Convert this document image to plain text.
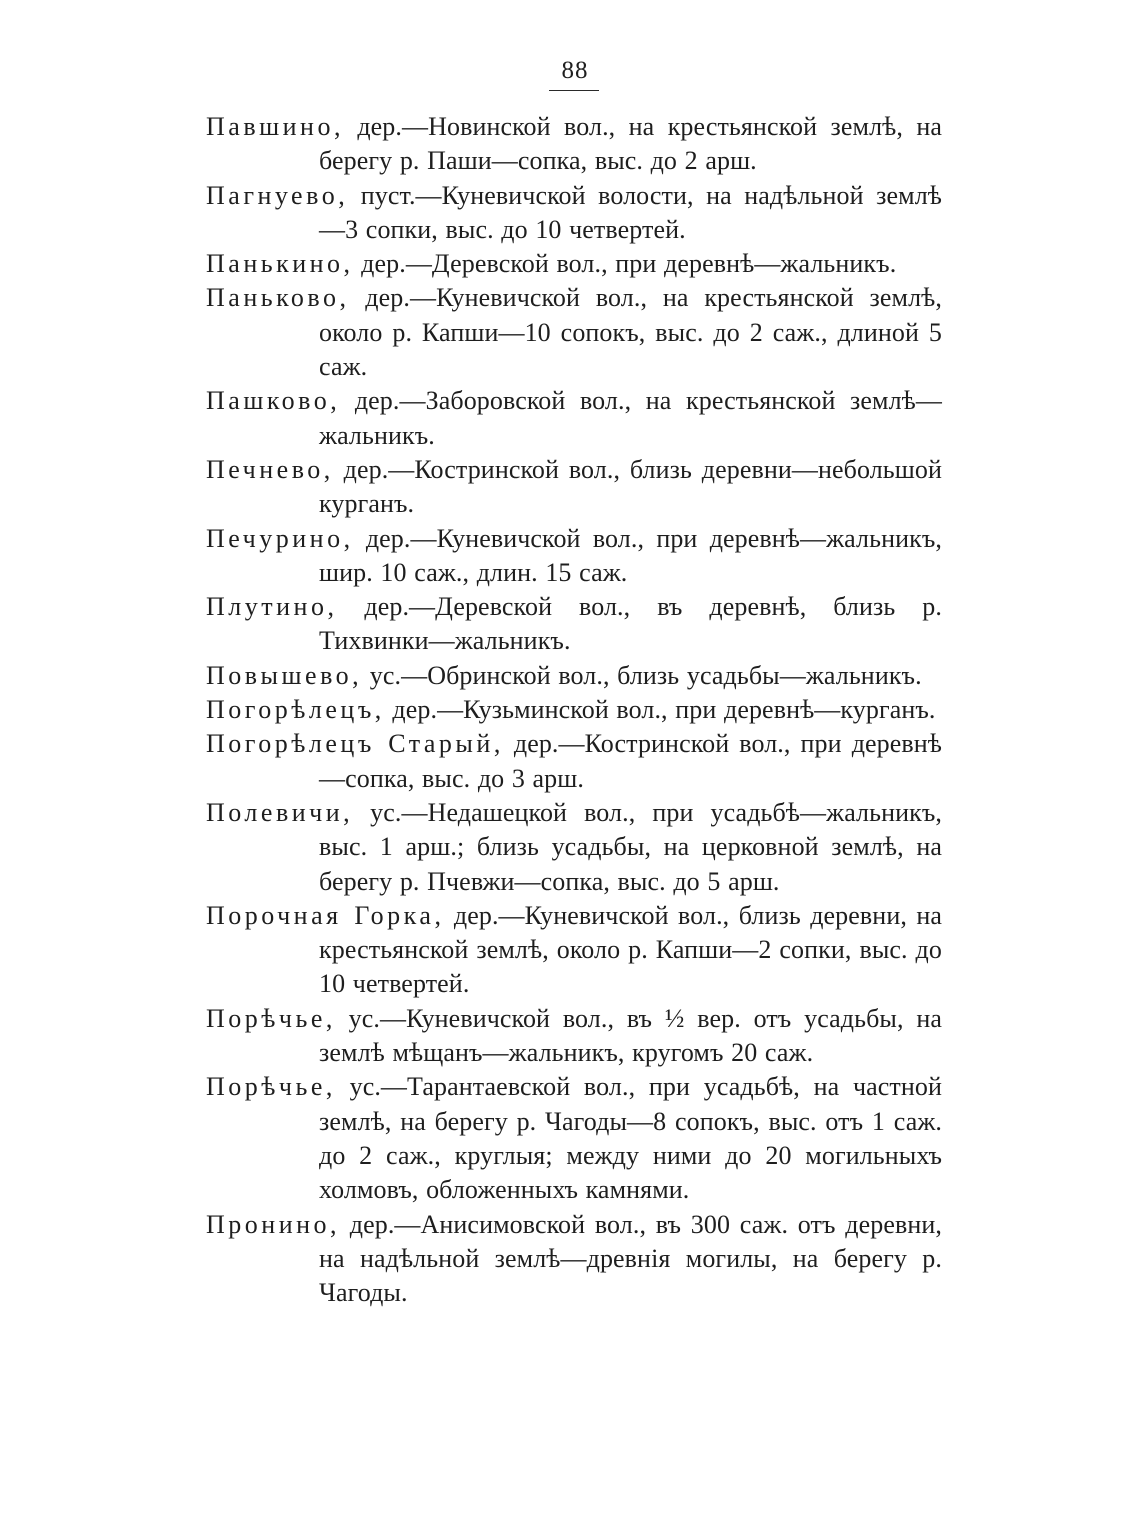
88

Павшино, дер.—Новинской вол., на крестьянской землѣ, на берегу р. Паши—сопка, выс. до 2 арш.

Пагнуево, пуст.—Куневичской волости, на надѣльной землѣ—3 сопки, выс. до 10 четвертей.

Панькино, дер.—Деревской вол., при деревнѣ—жальникъ.

Паньково, дер.—Куневичской вол., на крестьянской землѣ, около р. Капши—10 сопокъ, выс. до 2 саж., длиной 5 саж.

Пашково, дер.—Заборовской вол., на крестьянской землѣ—жальникъ.

Печнево, дер.—Костринской вол., близь деревни—небольшой курганъ.

Печурино, дер.—Куневичской вол., при деревнѣ—жальникъ, шир. 10 саж., длин. 15 саж.

Плутино, дер.—Деревской вол., въ деревнѣ, близь р. Тихвинки—жальникъ.

Повышево, ус.—Обринской вол., близь усадьбы—жальникъ.

Погорѣлецъ, дер.—Кузьминской вол., при деревнѣ—курганъ.

Погорѣлецъ Старый, дер.—Костринской вол., при деревнѣ—сопка, выс. до 3 арш.

Полевичи, ус.—Недашецкой вол., при усадьбѣ—жальникъ, выс. 1 арш.; близь усадьбы, на церковной землѣ, на берегу р. Пчевжи—сопка, выс. до 5 арш.

Порочная Горка, дер.—Куневичской вол., близь деревни, на крестьянской землѣ, около р. Капши—2 сопки, выс. до 10 четвертей.

Порѣчье, ус.—Куневичской вол., въ ½ вер. отъ усадьбы, на землѣ мѣщанъ—жальникъ, кругомъ 20 саж.

Порѣчье, ус.—Тарантаевской вол., при усадьбѣ, на частной землѣ, на берегу р. Чагоды—8 сопокъ, выс. отъ 1 саж. до 2 саж., круглыя; между ними до 20 могильныхъ холмовъ, обложенныхъ камнями.

Пронино, дер.—Анисимовской вол., въ 300 саж. отъ деревни, на надѣльной землѣ—древнія могилы, на берегу р. Чагоды.
